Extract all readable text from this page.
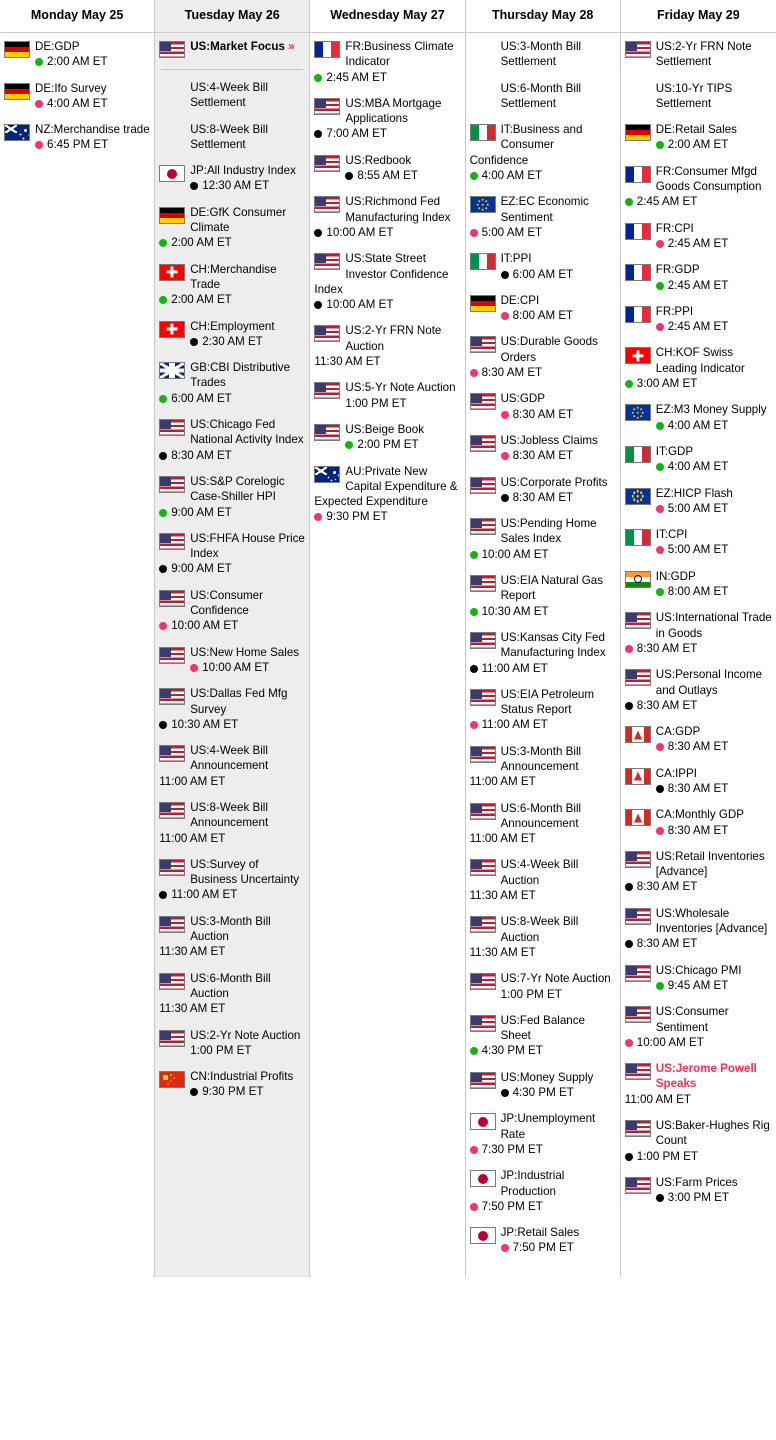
Monday May 25
DE:GDP
2:00 AM ET
DE:Ifo Survey
4:00 AM ET
NZ:Merchandise trade
6:45 PM ET
Tuesday May 26
US:Market Focus »
US:4-Week Bill Settlement
US:8-Week Bill Settlement
JP:All Industry Index
12:30 AM ET
DE:GfK Consumer Climate
2:00 AM ET
CH:Merchandise Trade
2:00 AM ET
CH:Employment
2:30 AM ET
GB:CBI Distributive Trades
6:00 AM ET
US:Chicago Fed National Activity Index
8:30 AM ET
US:S&P Corelogic Case-Shiller HPI
9:00 AM ET
US:FHFA House Price Index
9:00 AM ET
US:Consumer Confidence
10:00 AM ET
US:New Home Sales
10:00 AM ET
US:Dallas Fed Mfg Survey
10:30 AM ET
US:4-Week Bill Announcement
11:00 AM ET
US:8-Week Bill Announcement
11:00 AM ET
US:Survey of Business Uncertainty
11:00 AM ET
US:3-Month Bill Auction
11:30 AM ET
US:6-Month Bill Auction
11:30 AM ET
US:2-Yr Note Auction
1:00 PM ET
CN:Industrial Profits
9:30 PM ET
Wednesday May 27
FR:Business Climate Indicator
2:45 AM ET
US:MBA Mortgage Applications
7:00 AM ET
US:Redbook
8:55 AM ET
US:Richmond Fed Manufacturing Index
10:00 AM ET
US:State Street Investor Confidence Index
10:00 AM ET
US:2-Yr FRN Note Auction
11:30 AM ET
US:5-Yr Note Auction
1:00 PM ET
US:Beige Book
2:00 PM ET
AU:Private New Capital Expenditure & Expected Expenditure
9:30 PM ET
Thursday May 28
US:3-Month Bill Settlement
US:6-Month Bill Settlement
IT:Business and Consumer Confidence
4:00 AM ET
EZ:EC Economic Sentiment
5:00 AM ET
IT:PPI
6:00 AM ET
DE:CPI
8:00 AM ET
US:Durable Goods Orders
8:30 AM ET
US:GDP
8:30 AM ET
US:Jobless Claims
8:30 AM ET
US:Corporate Profits
8:30 AM ET
US:Pending Home Sales Index
10:00 AM ET
US:EIA Natural Gas Report
10:30 AM ET
US:Kansas City Fed Manufacturing Index
11:00 AM ET
US:EIA Petroleum Status Report
11:00 AM ET
US:3-Month Bill Announcement
11:00 AM ET
US:6-Month Bill Announcement
11:00 AM ET
US:4-Week Bill Auction
11:30 AM ET
US:8-Week Bill Auction
11:30 AM ET
US:7-Yr Note Auction
1:00 PM ET
US:Fed Balance Sheet
4:30 PM ET
US:Money Supply
4:30 PM ET
JP:Unemployment Rate
7:30 PM ET
JP:Industrial Production
7:50 PM ET
JP:Retail Sales
7:50 PM ET
Friday May 29
US:2-Yr FRN Note Settlement
US:10-Yr TIPS Settlement
DE:Retail Sales
2:00 AM ET
FR:Consumer Mfgd Goods Consumption
2:45 AM ET
FR:CPI
2:45 AM ET
FR:GDP
2:45 AM ET
FR:PPI
2:45 AM ET
CH:KOF Swiss Leading Indicator
3:00 AM ET
EZ:M3 Money Supply
4:00 AM ET
IT:GDP
4:00 AM ET
EZ:HICP Flash
5:00 AM ET
IT:CPI
5:00 AM ET
IN:GDP
8:00 AM ET
US:International Trade in Goods
8:30 AM ET
US:Personal Income and Outlays
8:30 AM ET
CA:GDP
8:30 AM ET
CA:IPPI
8:30 AM ET
CA:Monthly GDP
8:30 AM ET
US:Retail Inventories [Advance]
8:30 AM ET
US:Wholesale Inventories [Advance]
8:30 AM ET
US:Chicago PMI
9:45 AM ET
US:Consumer Sentiment
10:00 AM ET
US:Jerome Powell Speaks
11:00 AM ET
US:Baker-Hughes Rig Count
1:00 PM ET
US:Farm Prices
3:00 PM ET
